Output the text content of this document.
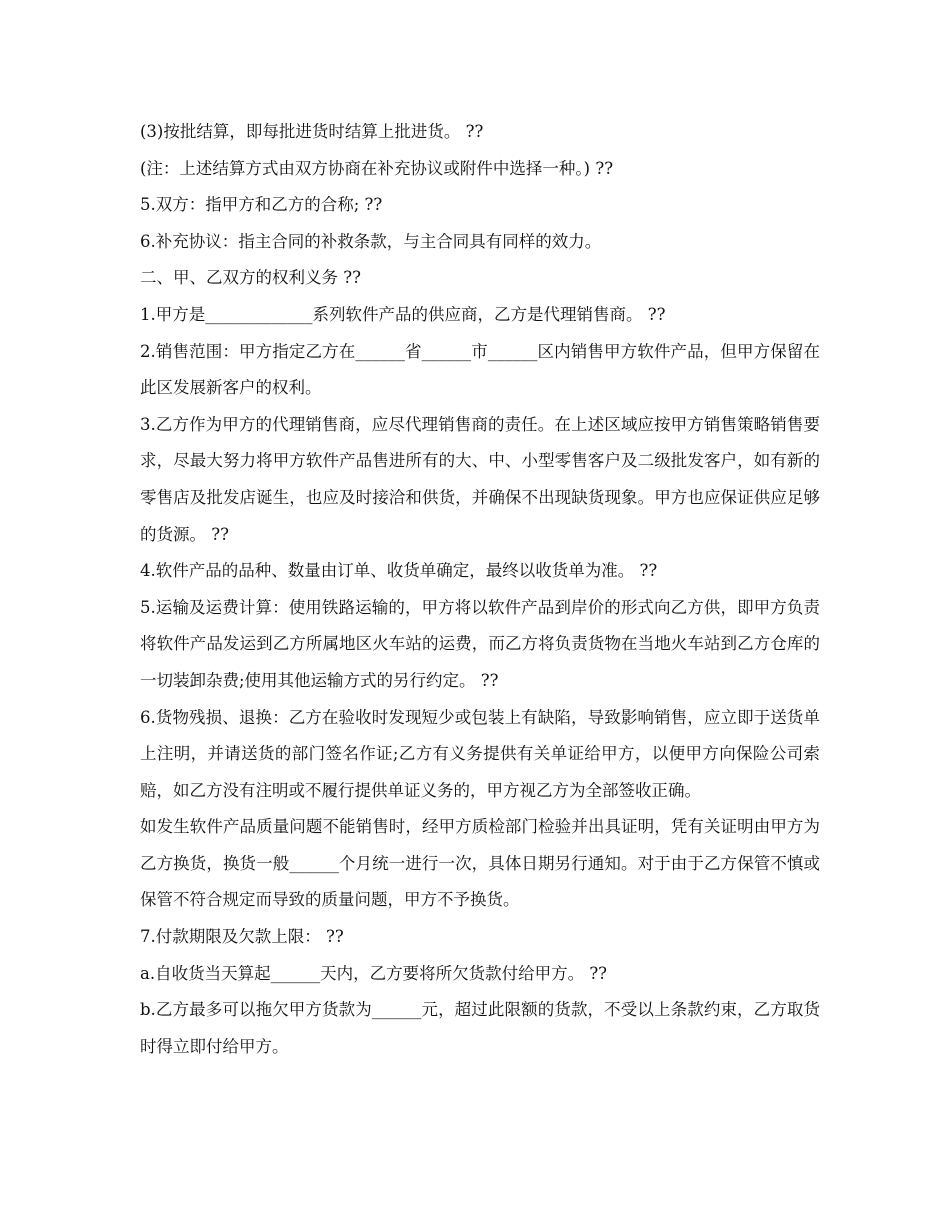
(3)按批结算，即每批进货时结算上批进货。 ??

(注：上述结算方式由双方协商在补充协议或附件中选择一种。) ??

5.双方：指甲方和乙方的合称; ??

6.补充协议：指主合同的补救条款，与主合同具有同样的效力。

二、甲、乙双方的权利义务 ??

1.甲方是_____________系列软件产品的供应商，乙方是代理销售商。 ??

2.销售范围：甲方指定乙方在______省______市______区内销售甲方软件产品，但甲方保留在此区发展新客户的权利。

3.乙方作为甲方的代理销售商，应尽代理销售商的责任。在上述区域应按甲方销售策略销售要求，尽最大努力将甲方软件产品售进所有的大、中、小型零售客户及二级批发客户，如有新的零售店及批发店诞生，也应及时接洽和供货，并确保不出现缺货现象。甲方也应保证供应足够的货源。 ??

4.软件产品的品种、数量由订单、收货单确定，最终以收货单为准。 ??

5.运输及运费计算：使用铁路运输的，甲方将以软件产品到岸价的形式向乙方供，即甲方负责将软件产品发运到乙方所属地区火车站的运费，而乙方将负责货物在当地火车站到乙方仓库的一切装卸杂费;使用其他运输方式的另行约定。 ??

6.货物残损、退换：乙方在验收时发现短少或包装上有缺陷，导致影响销售，应立即于送货单上注明，并请送货的部门签名作证;乙方有义务提供有关单证给甲方，以便甲方向保险公司索赔，如乙方没有注明或不履行提供单证义务的，甲方视乙方为全部签收正确。

如发生软件产品质量问题不能销售时，经甲方质检部门检验并出具证明，凭有关证明由甲方为乙方换货，换货一般______个月统一进行一次，具体日期另行通知。对于由于乙方保管不慎或保管不符合规定而导致的质量问题，甲方不予换货。

7.付款期限及欠款上限： ??

a.自收货当天算起______天内，乙方要将所欠货款付给甲方。 ??

b.乙方最多可以拖欠甲方货款为______元，超过此限额的货款，不受以上条款约束，乙方取货时得立即付给甲方。
